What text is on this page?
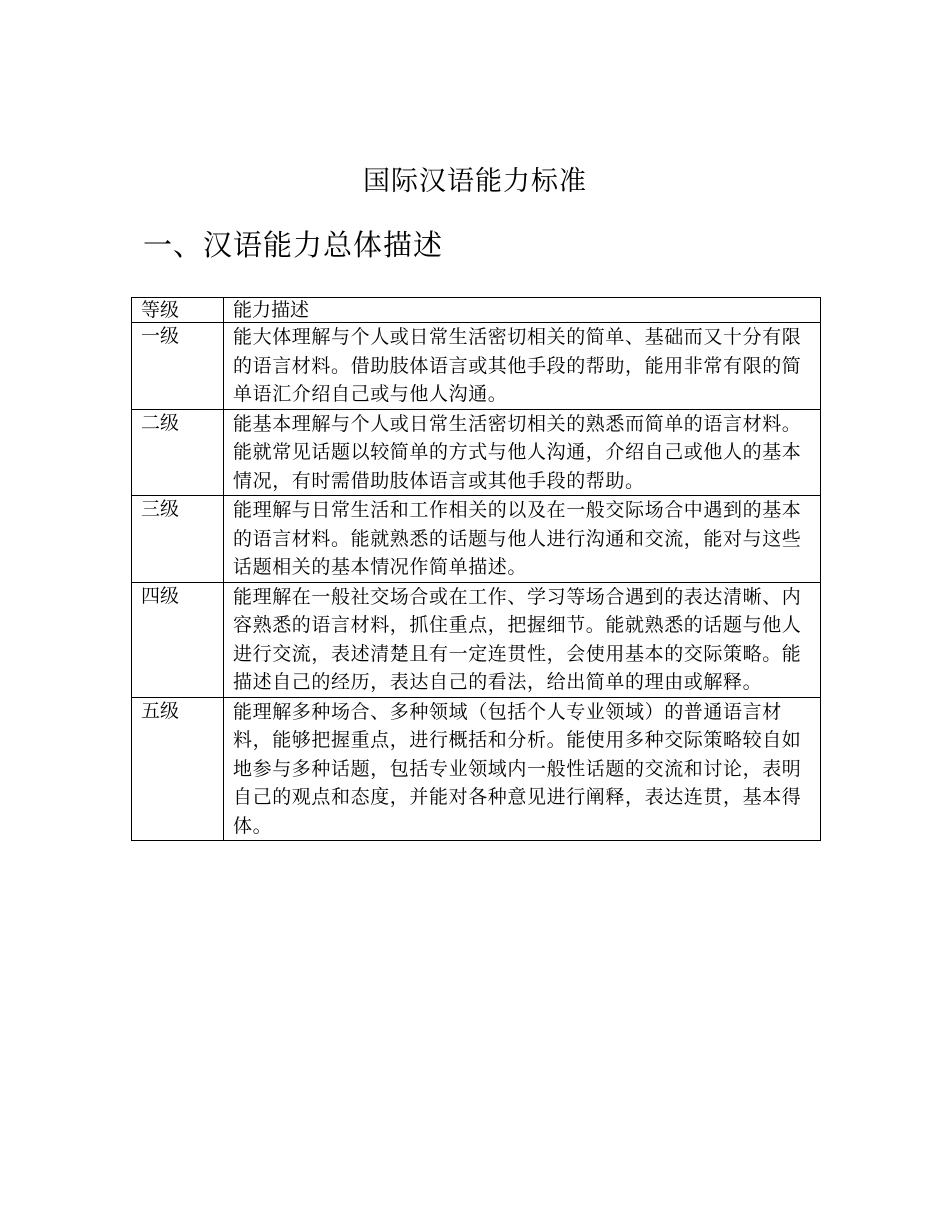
国际汉语能力标准
一、汉语能力总体描述
等级	能力描述
一级	能大体理解与个人或日常生活密切相关的简单、基础而又十分有限的语言材料。借助肢体语言或其他手段的帮助，能用非常有限的简单语汇介绍自己或与他人沟通。
二级	能基本理解与个人或日常生活密切相关的熟悉而简单的语言材料。能就常见话题以较简单的方式与他人沟通，介绍自己或他人的基本情况，有时需借助肢体语言或其他手段的帮助。
三级	能理解与日常生活和工作相关的以及在一般交际场合中遇到的基本的语言材料。能就熟悉的话题与他人进行沟通和交流，能对与这些话题相关的基本情况作简单描述。
四级	能理解在一般社交场合或在工作、学习等场合遇到的表达清晰、内容熟悉的语言材料，抓住重点，把握细节。能就熟悉的话题与他人进行交流，表述清楚且有一定连贯性，会使用基本的交际策略。能描述自己的经历，表达自己的看法，给出简单的理由或解释。
五级	能理解多种场合、多种领域（包括个人专业领域）的普通语言材料，能够把握重点，进行概括和分析。能使用多种交际策略较自如地参与多种话题，包括专业领域内一般性话题的交流和讨论，表明自己的观点和态度，并能对各种意见进行阐释，表达连贯，基本得体。
